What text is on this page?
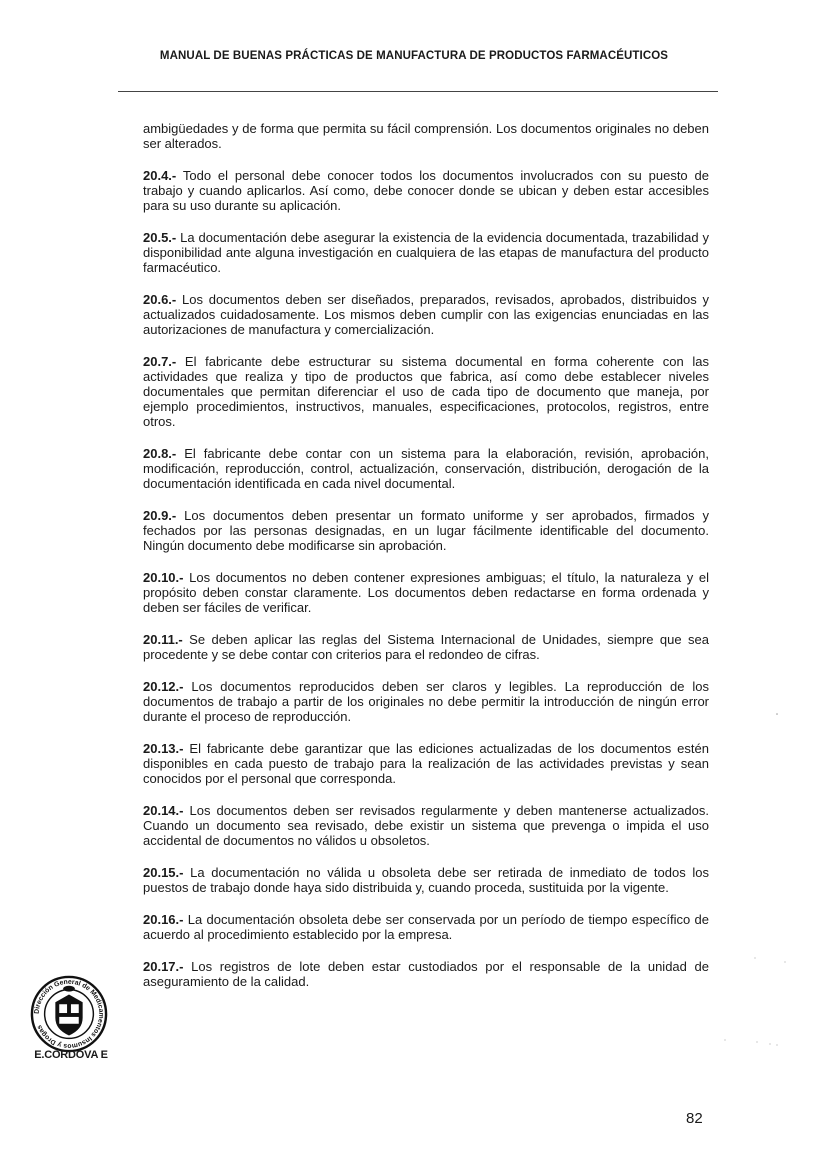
MANUAL DE BUENAS PRÁCTICAS DE MANUFACTURA DE PRODUCTOS FARMACÉUTICOS

ambigüedades y de forma que permita su fácil comprensión. Los documentos originales no deben ser alterados.

20.4.- Todo el personal debe conocer todos los documentos involucrados con su puesto de trabajo y cuando aplicarlos. Así como, debe conocer donde se ubican y deben estar accesibles para su uso durante su aplicación.

20.5.- La documentación debe asegurar la existencia de la evidencia documentada, trazabilidad y disponibilidad ante alguna investigación en cualquiera de las etapas de manufactura del producto farmacéutico.

20.6.- Los documentos deben ser diseñados, preparados, revisados, aprobados, distribuidos y actualizados cuidadosamente. Los mismos deben cumplir con las exigencias enunciadas en las autorizaciones de manufactura y comercialización.

20.7.- El fabricante debe estructurar su sistema documental en forma coherente con las actividades que realiza y tipo de productos que fabrica, así como debe establecer niveles documentales que permitan diferenciar el uso de cada tipo de documento que maneja, por ejemplo procedimientos, instructivos, manuales, especificaciones, protocolos, registros, entre otros.

20.8.- El fabricante debe contar con un sistema para la elaboración, revisión, aprobación, modificación, reproducción, control, actualización, conservación, distribución, derogación de la documentación identificada en cada nivel documental.

20.9.- Los documentos deben presentar un formato uniforme y ser aprobados, firmados y fechados por las personas designadas, en un lugar fácilmente identificable del documento. Ningún documento debe modificarse sin aprobación.

20.10.- Los documentos no deben contener expresiones ambiguas; el título, la naturaleza y el propósito deben constar claramente. Los documentos deben redactarse en forma ordenada y deben ser fáciles de verificar.

20.11.- Se deben aplicar las reglas del Sistema Internacional de Unidades, siempre que sea procedente y se debe contar con criterios para el redondeo de cifras.

20.12.- Los documentos reproducidos deben ser claros y legibles. La reproducción de los documentos de trabajo a partir de los originales no debe permitir la introducción de ningún error durante el proceso de reproducción.

20.13.- El fabricante debe garantizar que las ediciones actualizadas de los documentos estén disponibles en cada puesto de trabajo para la realización de las actividades previstas y sean conocidos por el personal que corresponda.

20.14.- Los documentos deben ser revisados regularmente y deben mantenerse actualizados. Cuando un documento sea revisado, debe existir un sistema que prevenga o impida el uso accidental de documentos no válidos u obsoletos.

20.15.- La documentación no válida u obsoleta debe ser retirada de inmediato de todos los puestos de trabajo donde haya sido distribuida y, cuando proceda, sustituida por la vigente.

20.16.- La documentación obsoleta debe ser conservada por un período de tiempo específico de acuerdo al procedimiento establecido por la empresa.

20.17.- Los registros de lote deben estar custodiados por el responsable de la unidad de aseguramiento de la calidad.

Dirección General de Medicamentos Insumos y Drogas
E.CÓRDOVA E
82
